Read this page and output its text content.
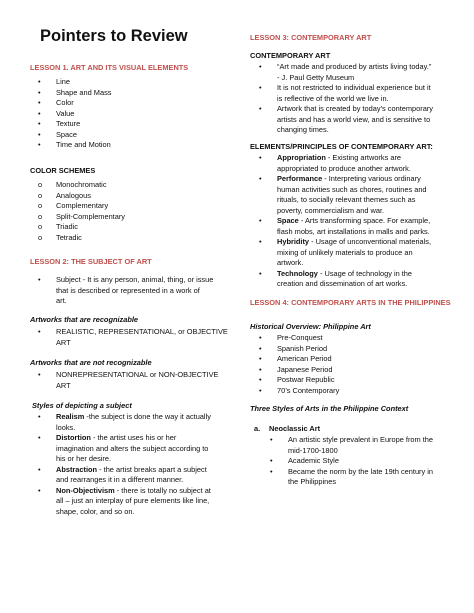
Pointers to Review
LESSON 1. ART AND ITS VISUAL ELEMENTS
• Line
• Shape and Mass
• Color
• Value
• Texture
• Space
• Time and Motion
COLOR SCHEMES
o Monochromatic
o Analogous
o Complementary
o Split-Complementary
o Triadic
o Tetradic
LESSON 2: THE SUBJECT OF ART
• Subject - It is any person, animal, thing, or issue
that is described or represented in a work of
art.
Artworks that are recognizable
• REALISTIC, REPRESENTATIONAL, or OBJECTIVE
ART
Artworks that are not recognizable
• NONREPRESENTATIONAL or NON-OBJECTIVE
ART
Styles of depicting a subject
• Realism -the subject is done the way it actually
looks.
• Distortion - the artist uses his or her
imagination and alters the subject according to
his or her desire.
• Abstraction - the artist breaks apart a subject
and rearranges it in a different manner.
• Non-Objectivism - there is totally no subject at
all – just an interplay of pure elements like line,
shape, color, and so on.
LESSON 3: CONTEMPORARY ART
CONTEMPORARY ART
• “Art made and produced by artists living today.”
- J. Paul Getty Museum
• It is not restricted to individual experience but it
is reflective of the world we live in.
• Artwork that is created by today’s contemporary
artists and has a world view, and is sensitive to
changing times.
ELEMENTS/PRINCIPLES OF CONTEMPORARY ART:
• Appropriation - Existing artworks are
appropriated to produce another artwork.
• Performance - Interpreting various ordinary
human activities such as chores, routines and
rituals, to socially relevant themes such as
poverty, commercialism and war.
• Space - Arts transforming space. For example,
flash mobs, art installations in malls and parks.
• Hybridity - Usage of unconventional materials,
mixing of unlikely materials to produce an
artwork.
• Technology - Usage of technology in the
creation and dissemination of art works.
LESSON 4: CONTEMPORARY ARTS IN THE PHILIPPINES
Historical Overview: Philippine Art
• Pre-Conquest
• Spanish Period
• American Period
• Japanese Period
• Postwar Republic
• 70’s Contemporary
Three Styles of Arts in the Philippine Context
a. Neoclassic Art
• An artistic style prevalent in Europe from the
mid-1700-1800
• Academic Style
• Became the norm by the late 19th century in
the Philippines
